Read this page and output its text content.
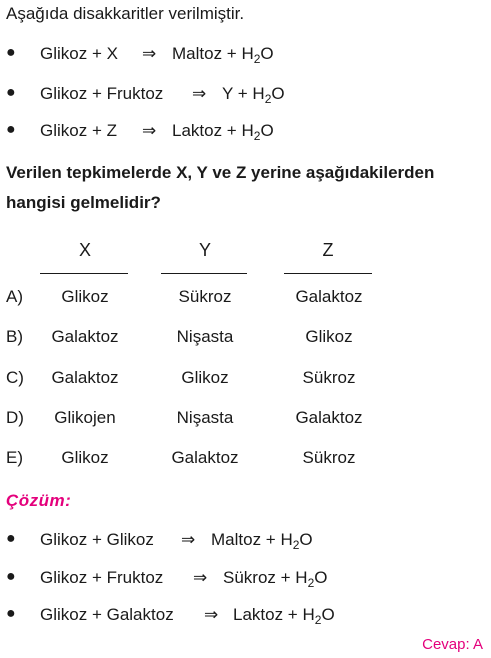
Aşağıda disakkaritler verilmiştir.
● Glikoz + X ⇒ Maltoz + $H_2O$
● Glikoz + Fruktoz ⇒ $Y + H_2O$
● Glikoz + Z ⇒ Laktoz + $H_2O$
Verilen tepkimelerde X, Y ve Z yerine aşağıdakilerden hangisi gelmelidir?
X	Y	Z
A)	Glikoz	Sükroz	Galaktoz
B)	Galaktoz	Nişasta	Glikoz
C)	Galaktoz	Glikoz	Sükroz
D)	Glikojen	Nişasta	Galaktoz
E)	Glikoz	Galaktoz	Sükroz
Çözüm:
● Glikoz + Glikoz ⇒ Maltoz + $H_2O$
● Glikoz + Fruktoz ⇒ Sükroz + $H_2O$
● Glikoz + Galaktoz ⇒ Laktoz + $H_2O$
Cevap: A
